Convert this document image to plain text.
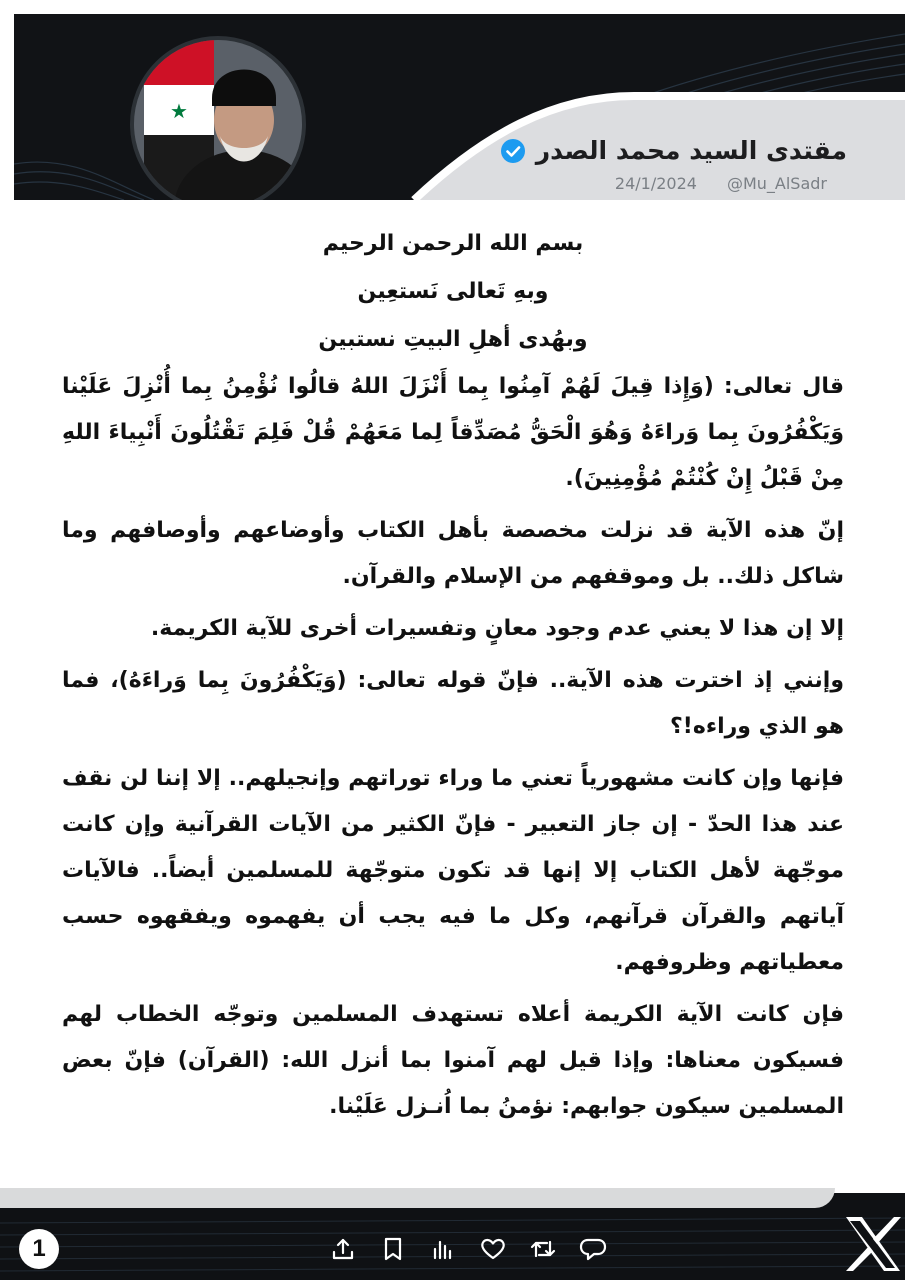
★
مقتدى السيد محمد الصدر
24/1/2024 @Mu_AlSadr
بسم الله الرحمن الرحيم
وبهِ تَعالى نَستعِين
وبهُدى أهلِ البيتِ نستبين

قال تعالى: (وَإِذا قِيلَ لَهُمْ آمِنُوا بِما أَنْزَلَ اللهُ قالُوا نُؤْمِنُ بِما أُنْزِلَ عَلَيْنا وَيَكْفُرُونَ بِما وَراءَهُ وَهُوَ الْحَقُّ مُصَدِّقاً لِما مَعَهُمْ قُلْ فَلِمَ تَقْتُلُونَ أَنْبِياءَ اللهِ مِنْ قَبْلُ إِنْ كُنْتُمْ مُؤْمِنِينَ).

إنّ هذه الآية قد نزلت مخصصة بأهل الكتاب وأوضاعهم وأوصافهم وما شاكل ذلك.. بل وموقفهم من الإسلام والقرآن.

إلا إن هذا لا يعني عدم وجود معانٍ وتفسيرات أخرى للآية الكريمة.

وإنني إذ اخترت هذه الآية.. فإنّ قوله تعالى: (وَيَكْفُرُونَ بِما وَراءَهُ)، فما هو الذي وراءه!؟

فإنها وإن كانت مشهورياً تعني ما وراء توراتهم وإنجيلهم.. إلا إننا لن نقف عند هذا الحدّ - إن جاز التعبير - فإنّ الكثير من الآيات القرآنية وإن كانت موجّهة لأهل الكتاب إلا إنها قد تكون متوجّهة للمسلمين أيضاً.. فالآيات آياتهم والقرآن قرآنهم، وكل ما فيه يجب أن يفهموه ويفقهوه حسب معطياتهم وظروفهم.

فإن كانت الآية الكريمة أعلاه تستهدف المسلمين وتوجّه الخطاب لهم فسيكون معناها: وإذا قيل لهم آمنوا بما أنزل الله: (القرآن) فإنّ بعض المسلمين سيكون جوابهم: نؤمنُ بما اُنـزل عَلَيْنا.

1
